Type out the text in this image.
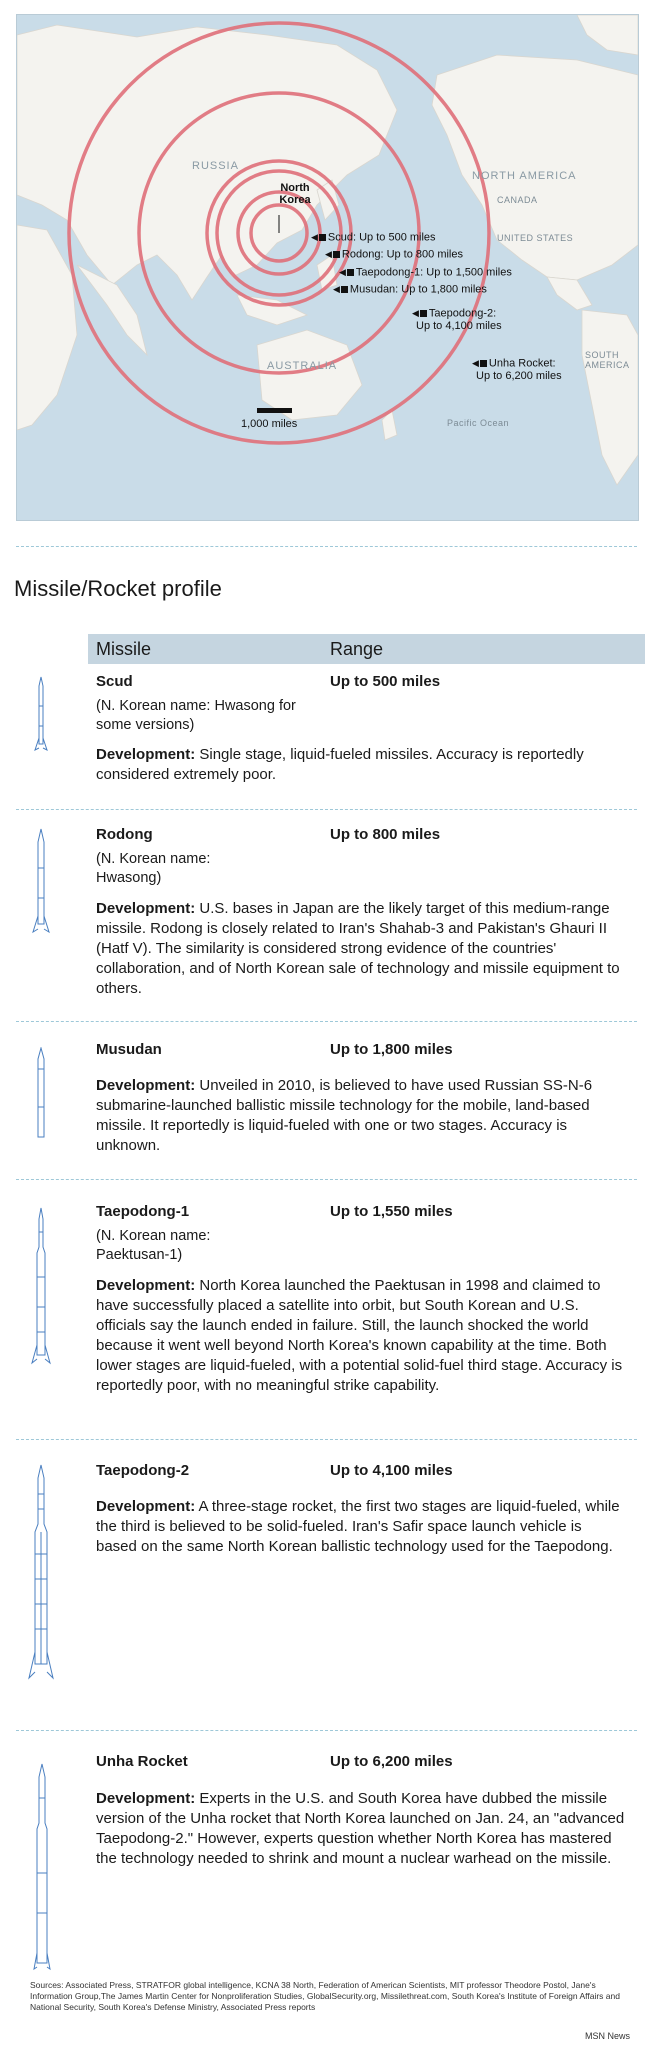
RUSSIA
NORTH AMERICA
CANADA
UNITED STATES
AUSTRALIA
SOUTH AMERICA
Pacific Ocean
North Korea
◀ Scud: Up to 500 miles
◀ Rodong: Up to 800 miles
◀ Taepodong-1: Up to 1,500 miles
◀ Musudan: Up to 1,800 miles
◀ Taepodong-2:
Up to 4,100 miles
◀ Unha Rocket:
Up to 6,200 miles
1,000 miles
Missile/Rocket profile
Missile	Range
Scud	Up to 500 miles
(N. Korean name: Hwasong for some versions)
Development: Single stage, liquid-fueled missiles. Accuracy is reportedly considered extremely poor.
Rodong	Up to 800 miles
(N. Korean name: Hwasong)
Development: U.S. bases in Japan are the likely target of this medium-range missile. Rodong is closely related to Iran's Shahab-3 and Pakistan's Ghauri II (Hatf V). The similarity is considered strong evidence of the countries' collaboration, and of North Korean sale of technology and missile equipment to others.
Musudan	Up to 1,800 miles
Development: Unveiled in 2010, is believed to have used Russian SS-N-6 submarine-launched ballistic missile technology for the mobile, land-based missile. It reportedly is liquid-fueled with one or two stages. Accuracy is unknown.
Taepodong-1	Up to 1,550 miles
(N. Korean name: Paektusan-1)
Development: North Korea launched the Paektusan in 1998 and claimed to have successfully placed a satellite into orbit, but South Korean and U.S. officials say the launch ended in failure. Still, the launch shocked the world because it went well beyond North Korea's known capability at the time. Both lower stages are liquid-fueled, with a potential solid-fuel third stage. Accuracy is reportedly poor, with no meaningful strike capability.
Taepodong-2	Up to 4,100 miles
Development: A three-stage rocket, the first two stages are liquid-fueled, while the third is believed to be solid-fueled. Iran's Safir space launch vehicle is based on the same North Korean ballistic technology used for the Taepodong.
Unha Rocket	Up to 6,200 miles
Development: Experts in the U.S. and South Korea have dubbed the missile version of the Unha rocket that North Korea launched on Jan. 24, an "advanced Taepodong-2." However, experts question whether North Korea has mastered the technology needed to shrink and mount a nuclear warhead on the missile.
Sources: Associated Press, STRATFOR global intelligence, KCNA 38 North, Federation of American Scientists, MIT professor Theodore Postol, Jane's Information Group,The James Martin Center for Nonproliferation Studies, GlobalSecurity.org, Missilethreat.com, South Korea's Institute of Foreign Affairs and National Security, South Korea's Defense Ministry, Associated Press reports
MSN News
